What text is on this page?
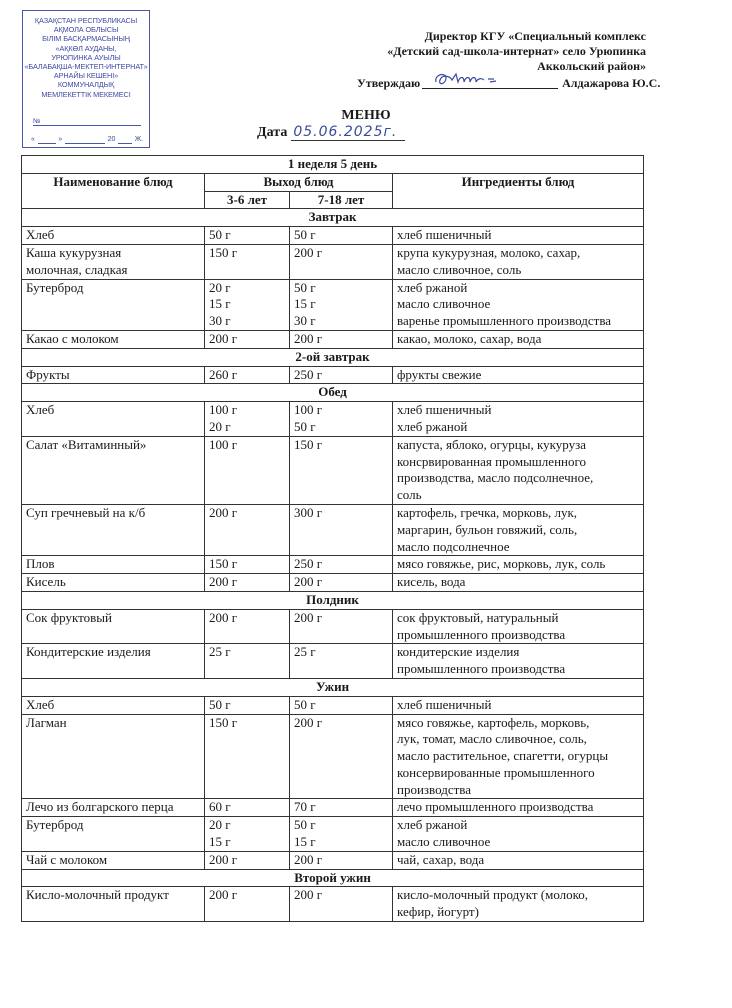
ҚАЗАҚСТАН РЕСПУБЛИКАСЫ
АҚМОЛА ОБЛЫСЫ
БІЛІМ БАСҚАРМАСЫНЫҢ
«АҚКӨЛ АУДАНЫ,
УРЮПИНКА АУЫЛЫ
«БАЛАБАҚША-МЕКТЕП-ИНТЕРНАТ»
АРНАЙЫ КЕШЕНІ»
КОММУНАЛДЫҚ
МЕМЛЕКЕТТІК МЕКЕМЕСІ
№
«	»	20	Ж.
Директор КГУ «Специальный комплекс
«Детский сад-школа-интернат» село Урюпинка
Аккольский район»
Утверждаю	Алдажарова Ю.С.
МЕНЮ
Дата 05.06.2025г.
1 неделя 5 день			
Наименование блюд	Выход блюд		Ингредиенты блюд
	3-6 лет	7-18 лет	
Завтрак			

Хлеб	50 г	50 г	хлеб пшеничный

Каша кукурузная
молочная, сладкая	150 г	200 г	крупа кукурузная, молоко, сахар,
масло сливочное, соль

Бутерброд	20 г
15 г
30 г	50 г
15 г
30 г	хлеб ржаной
масло сливочное
варенье промышленного производства

Какао с молоком	200 г	200 г	какао, молоко, сахар, вода

2-ой завтрак			

Фрукты	260 г	250 г	фрукты свежие

Обед			

Хлеб	100 г
20 г	100 г
50 г	хлеб пшеничный
хлеб ржаной

Салат «Витаминный»	100 г	150 г	капуста, яблоко, огурцы, кукуруза
консрвированная промышленного
производства, масло подсолнечное,
соль

Суп гречневый на к/б	200 г	300 г	картофель, гречка, морковь, лук,
маргарин, бульон говяжий, соль,
масло подсолнечное

Плов	150 г	250 г	мясо говяжье, рис, морковь, лук, соль

Кисель	200 г	200 г	кисель, вода

Полдник			

Сок фруктовый	200 г	200 г	сок фруктовый, натуральный
промышленного производства

Кондитерские изделия	25 г	25 г	кондитерские изделия
промышленного производства

Ужин			

Хлеб	50 г	50 г	хлеб пшеничный

Лагман	150 г	200 г	мясо говяжье, картофель, морковь,
лук, томат, масло сливочное, соль,
масло растительное, спагетти, огурцы
консервированные промышленного
производства

Лечо из болгарского перца	60 г	70 г	лечо промышленного производства

Бутерброд	20 г
15 г	50 г
15 г	хлеб ржаной
масло сливочное

Чай с молоком	200 г	200 г	чай, сахар, вода

Второй ужин			

Кисло-молочный продукт	200 г	200 г	кисло-молочный продукт (молоко,
кефир, йогурт)
